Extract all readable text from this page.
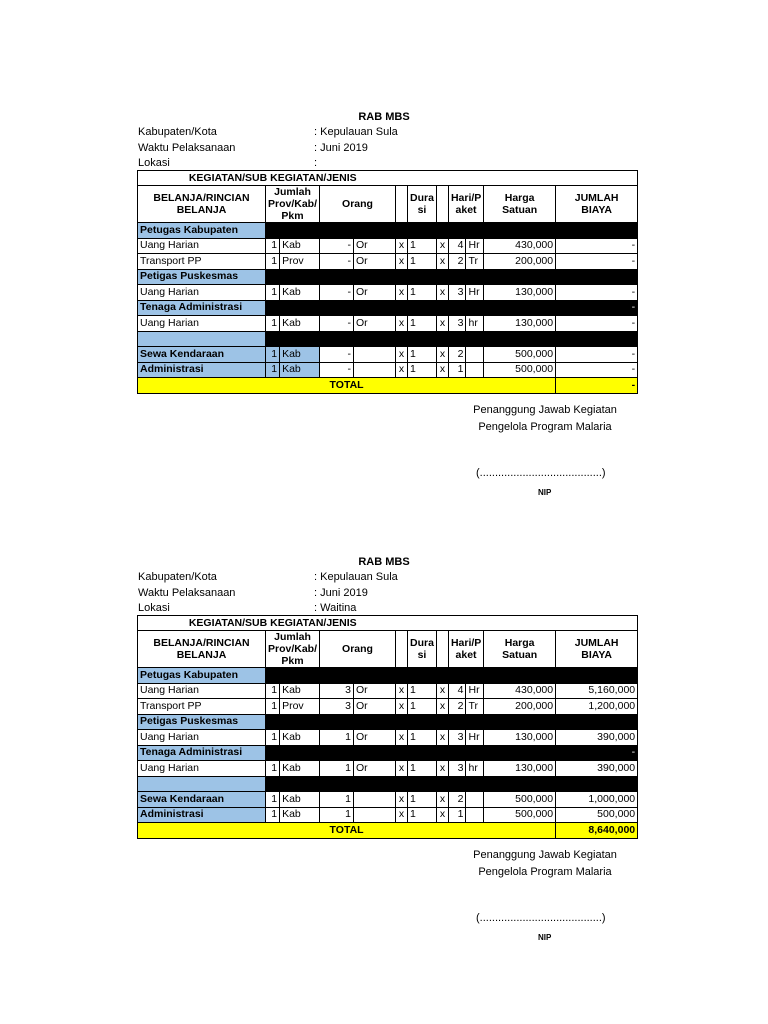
RAB MBS
Kabupaten/Kota	: Kepulauan Sula
Waktu Pelaksanaan	: Juni 2019
Lokasi	:
KEGIATAN/SUB KEGIATAN/JENIS											
BELANJA/RINCIAN BELANJA	Jumlah Prov/Kab/ Pkm		Orang			Dura si		Hari/P aket		Harga Satuan	JUMLAH BIAYA
Petugas Kabupaten											
Uang Harian	1	Kab	-	Or	x	1	x	4	Hr	430,000	-
Transport PP	1	Prov	-	Or	x	1	x	2	Tr	200,000	-
Petigas Puskesmas											
Uang Harian	1	Kab	-	Or	x	1	x	3	Hr	130,000	-
Tenaga Administrasi											-
Uang Harian	1	Kab	-	Or	x	1	x	3	hr	130,000	-

Sewa Kendaraan	1	Kab	-		x	1	x	2		500,000	-
Administrasi	1	Kab	-		x	1	x	1		500,000	-
TOTAL											-
Penanggung Jawab Kegiatan
Pengelola Program Malaria
(........................................)
NIP
RAB MBS
Kabupaten/Kota	: Kepulauan Sula
Waktu Pelaksanaan	: Juni 2019
Lokasi	: Waitina
KEGIATAN/SUB KEGIATAN/JENIS											
BELANJA/RINCIAN BELANJA	Jumlah Prov/Kab/ Pkm		Orang			Dura si		Hari/P aket		Harga Satuan	JUMLAH BIAYA
Petugas Kabupaten											
Uang Harian	1	Kab	3	Or	x	1	x	4	Hr	430,000	5,160,000
Transport PP	1	Prov	3	Or	x	1	x	2	Tr	200,000	1,200,000
Petigas Puskesmas											
Uang Harian	1	Kab	1	Or	x	1	x	3	Hr	130,000	390,000
Tenaga Administrasi											-
Uang Harian	1	Kab	1	Or	x	1	x	3	hr	130,000	390,000

Sewa Kendaraan	1	Kab	1		x	1	x	2		500,000	1,000,000
Administrasi	1	Kab	1		x	1	x	1		500,000	500,000
TOTAL											8,640,000
Penanggung Jawab Kegiatan
Pengelola Program Malaria
(........................................)
NIP
